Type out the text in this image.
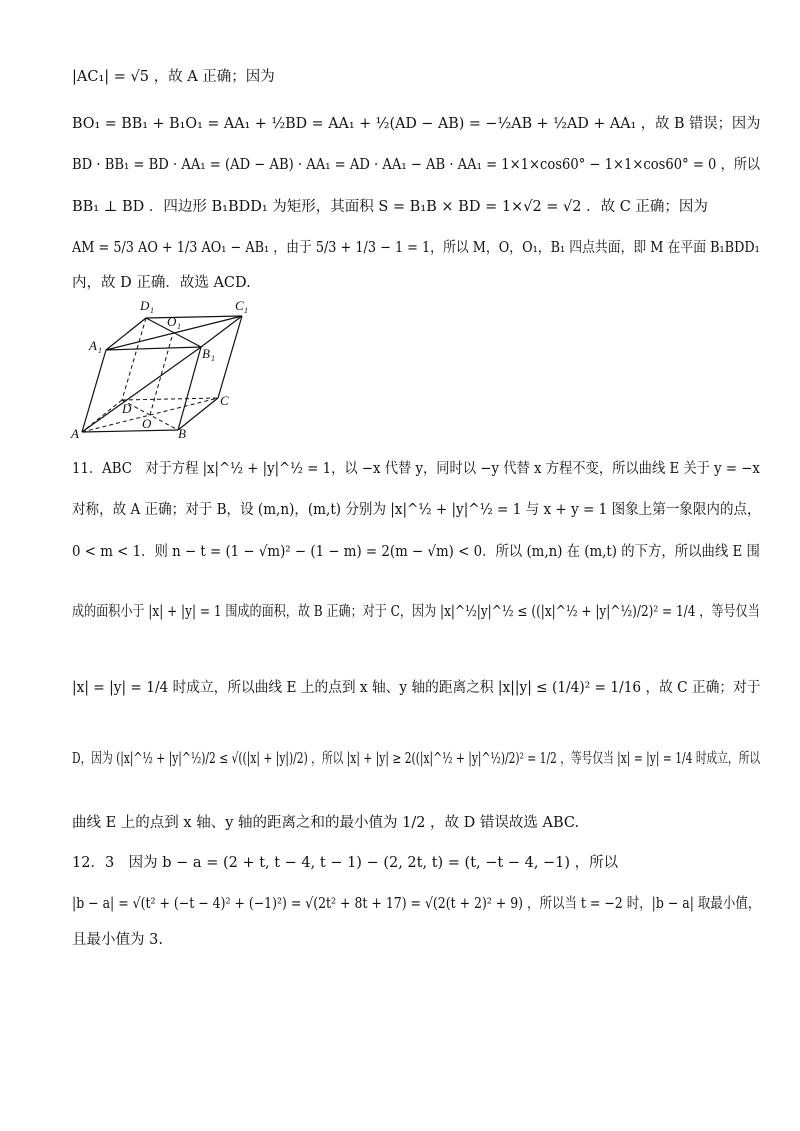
|AC₁| = √5 ，故 A 正确；因为
BO₁ = BB₁ + B₁O₁ = AA₁ + ½BD = AA₁ + ½(AD − AB) = −½AB + ½AD + AA₁ ，故 B 错误；因为
BD · BB₁ = BD · AA₁ = (AD − AB) · AA₁ = AD · AA₁ − AB · AA₁ = 1×1×cos60° − 1×1×cos60° = 0 ，所以
BB₁ ⊥ BD ．四边形 B₁BDD₁ 为矩形，其面积 S = B₁B × BD = 1×√2 = √2 ．故 C 正确；因为
AM = 5/3 AO + 1/3 AO₁ − AB₁ ，由于 5/3 + 1/3 − 1 = 1，所以 M，O，O₁，B₁ 四点共面，即 M 在平面 B₁BDD₁
内，故 D 正确．故选 ACD.
D 1
O 1
C 1
A 1	B 1
D
C
O
A	B
11．ABC　对于方程 |x|^½ + |y|^½ = 1，以 −x 代替 y，同时以 −y 代替 x 方程不变，所以曲线 E 关于 y = −x
对称，故 A 正确；对于 B，设 (m,n)，(m,t) 分别为 |x|^½ + |y|^½ = 1 与 x + y = 1 图象上第一象限内的点，
0 < m < 1．则 n − t = (1 − √m)² − (1 − m) = 2(m − √m) < 0．所以 (m,n) 在 (m,t) 的下方，所以曲线 E 围
成的面积小于 |x| + |y| = 1 围成的面积，故 B 正确；对于 C，因为 |x|^½|y|^½ ≤ ((|x|^½ + |y|^½)/2)² = 1/4 ，等号仅当
|x| = |y| = 1/4 时成立，所以曲线 E 上的点到 x 轴、y 轴的距离之积 |x||y| ≤ (1/4)² = 1/16 ，故 C 正确；对于
D，因为 (|x|^½ + |y|^½)/2 ≤ √((|x| + |y|)/2) ，所以 |x| + |y| ≥ 2((|x|^½ + |y|^½)/2)² = 1/2 ，等号仅当 |x| = |y| = 1/4 时成立，所以
曲线 E 上的点到 x 轴、y 轴的距离之和的最小值为 1/2 ，故 D 错误故选 ABC.
12．3　因为 b − a = (2 + t, t − 4, t − 1) − (2, 2t, t) = (t, −t − 4, −1) ，所以
|b − a| = √(t² + (−t − 4)² + (−1)²) = √(2t² + 8t + 17) = √(2(t + 2)² + 9) ，所以当 t = −2 时，|b − a| 取最小值，
且最小值为 3.
